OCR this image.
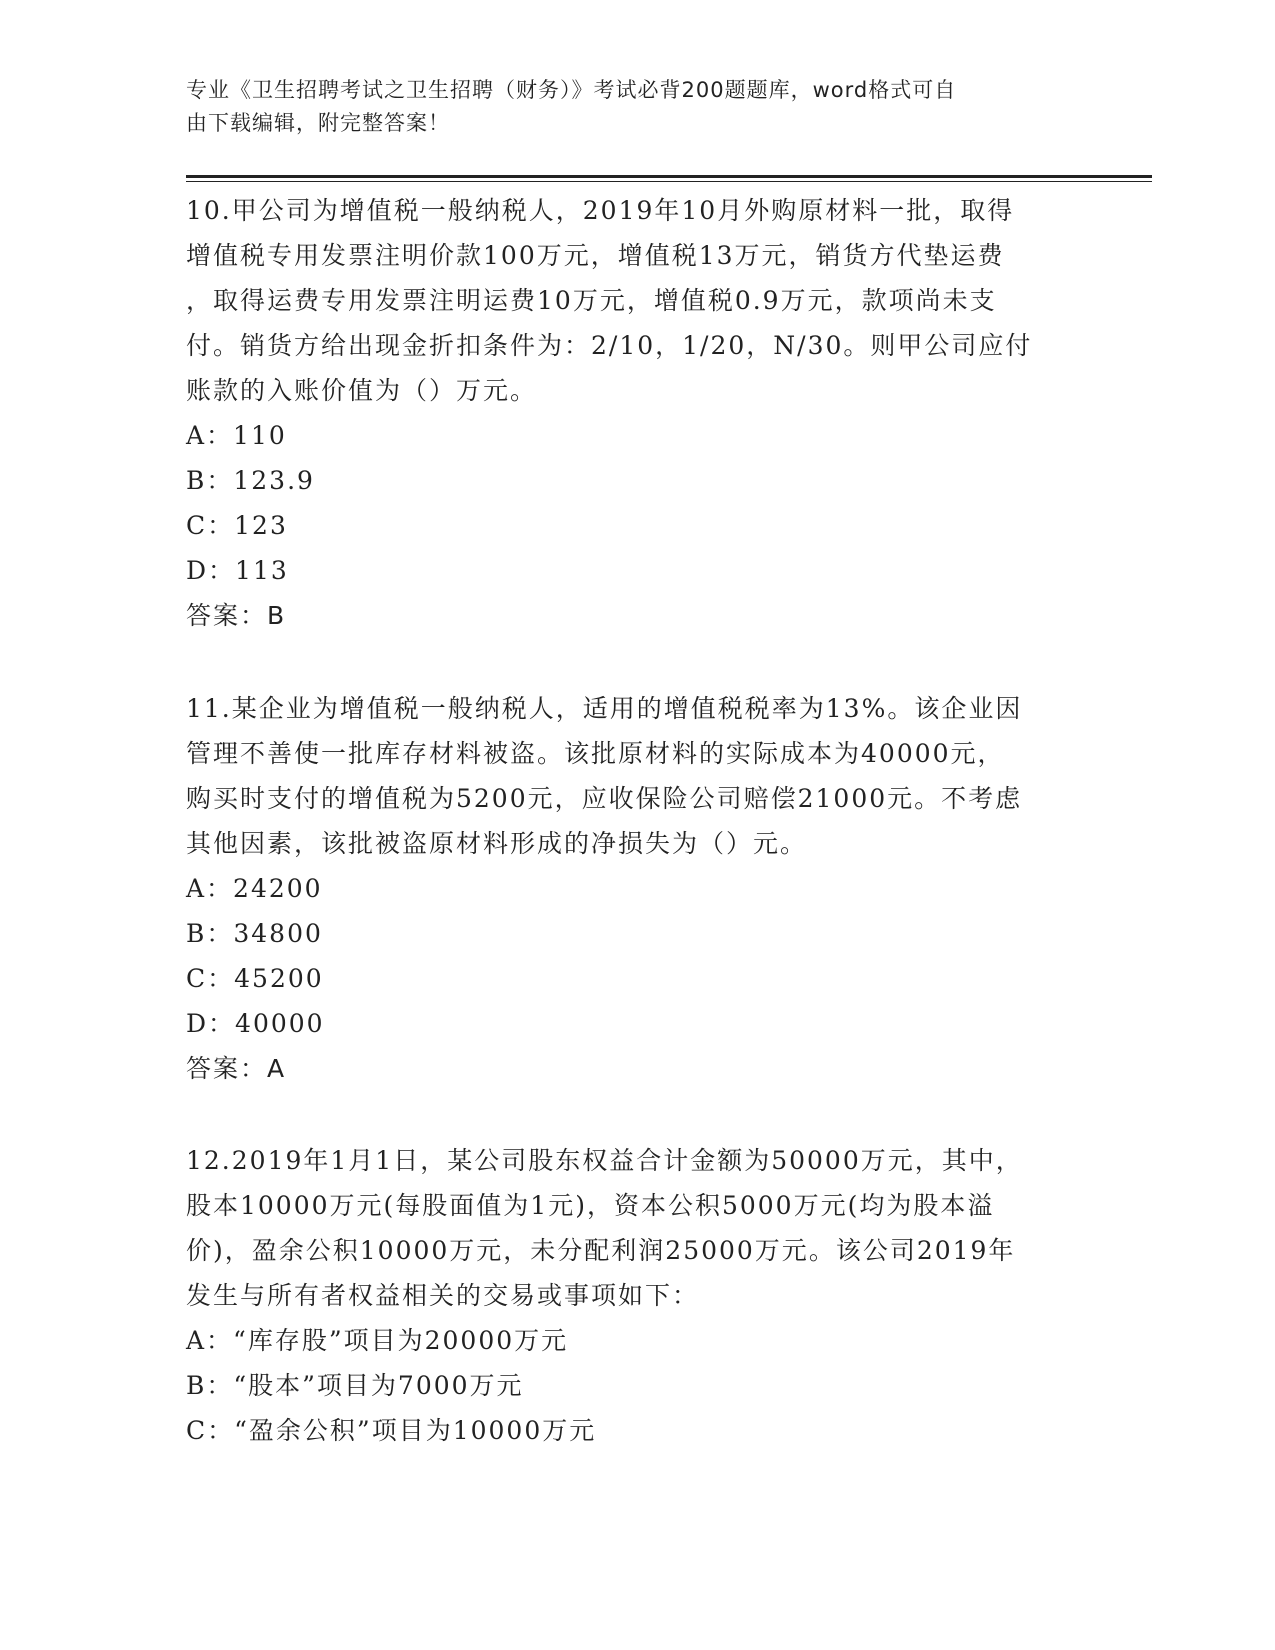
专业《卫生招聘考试之卫生招聘（财务）》考试必背200题题库，word格式可自
由下载编辑，附完整答案！
10.甲公司为增值税一般纳税人，2019年10月外购原材料一批，取得
增值税专用发票注明价款100万元，增值税13万元，销货方代垫运费
，取得运费专用发票注明运费10万元，增值税0.9万元，款项尚未支
付。销货方给出现金折扣条件为：2/10，1/20，N/30。则甲公司应付
账款的入账价值为（）万元。
A：110
B：123.9
C：123
D：113
答案：B
11.某企业为增值税一般纳税人，适用的增值税税率为13%。该企业因
管理不善使一批库存材料被盗。该批原材料的实际成本为40000元，
购买时支付的增值税为5200元，应收保险公司赔偿21000元。不考虑
其他因素，该批被盗原材料形成的净损失为（）元。
A：24200
B：34800
C：45200
D：40000
答案：A
12.2019年1月1日，某公司股东权益合计金额为50000万元，其中，
股本10000万元(每股面值为1元)，资本公积5000万元(均为股本溢
价)，盈余公积10000万元，未分配利润25000万元。该公司2019年
发生与所有者权益相关的交易或事项如下：
A：“库存股”项目为20000万元
B：“股本”项目为7000万元
C：“盈余公积”项目为10000万元
